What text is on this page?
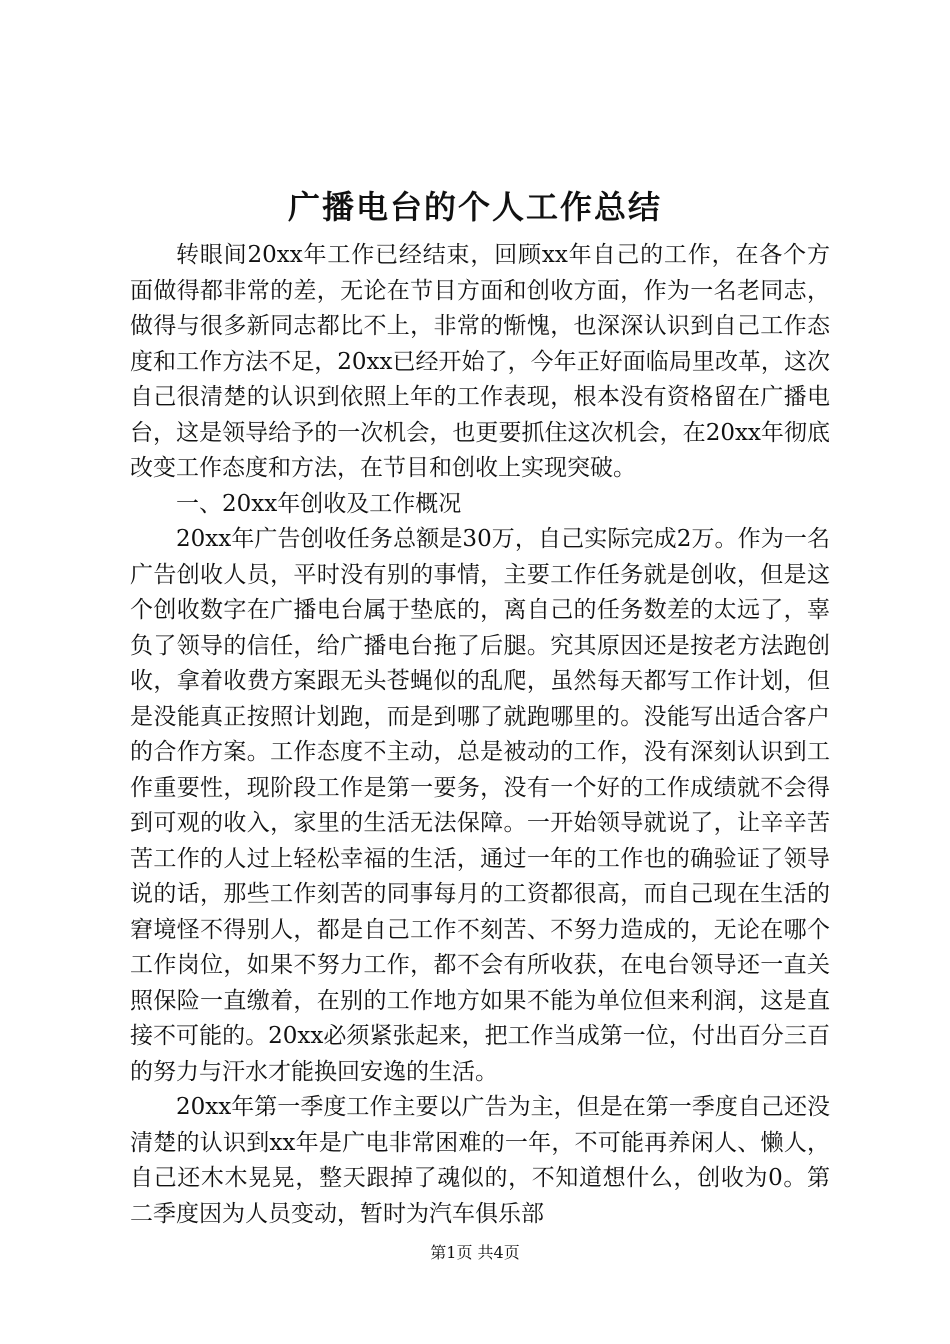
广播电台的个人工作总结

转眼间20xx年工作已经结束，回顾xx年自己的工作，在各个方面做得都非常的差，无论在节目方面和创收方面，作为一名老同志，做得与很多新同志都比不上，非常的惭愧，也深深认识到自己工作态度和工作方法不足，20xx已经开始了，今年正好面临局里改革，这次自己很清楚的认识到依照上年的工作表现，根本没有资格留在广播电台，这是领导给予的一次机会，也更要抓住这次机会，在20xx年彻底改变工作态度和方法，在节目和创收上实现突破。

一、20xx年创收及工作概况

20xx年广告创收任务总额是30万，自己实际完成2万。作为一名广告创收人员，平时没有别的事情，主要工作任务就是创收，但是这个创收数字在广播电台属于垫底的，离自己的任务数差的太远了，辜负了领导的信任，给广播电台拖了后腿。究其原因还是按老方法跑创收，拿着收费方案跟无头苍蝇似的乱爬，虽然每天都写工作计划，但是没能真正按照计划跑，而是到哪了就跑哪里的。没能写出适合客户的合作方案。工作态度不主动，总是被动的工作，没有深刻认识到工作重要性，现阶段工作是第一要务，没有一个好的工作成绩就不会得到可观的收入，家里的生活无法保障。一开始领导就说了，让辛辛苦苦工作的人过上轻松幸福的生活，通过一年的工作也的确验证了领导说的话，那些工作刻苦的同事每月的工资都很高，而自己现在生活的窘境怪不得别人，都是自己工作不刻苦、不努力造成的，无论在哪个工作岗位，如果不努力工作，都不会有所收获，在电台领导还一直关照保险一直缴着，在别的工作地方如果不能为单位但来利润，这是直接不可能的。20xx必须紧张起来，把工作当成第一位，付出百分三百的努力与汗水才能换回安逸的生活。

20xx年第一季度工作主要以广告为主，但是在第一季度自己还没清楚的认识到xx年是广电非常困难的一年，不可能再养闲人、懒人，自己还木木晃晃，整天跟掉了魂似的，不知道想什么，创收为0。第二季度因为人员变动，暂时为汽车俱乐部

第1页 共4页
